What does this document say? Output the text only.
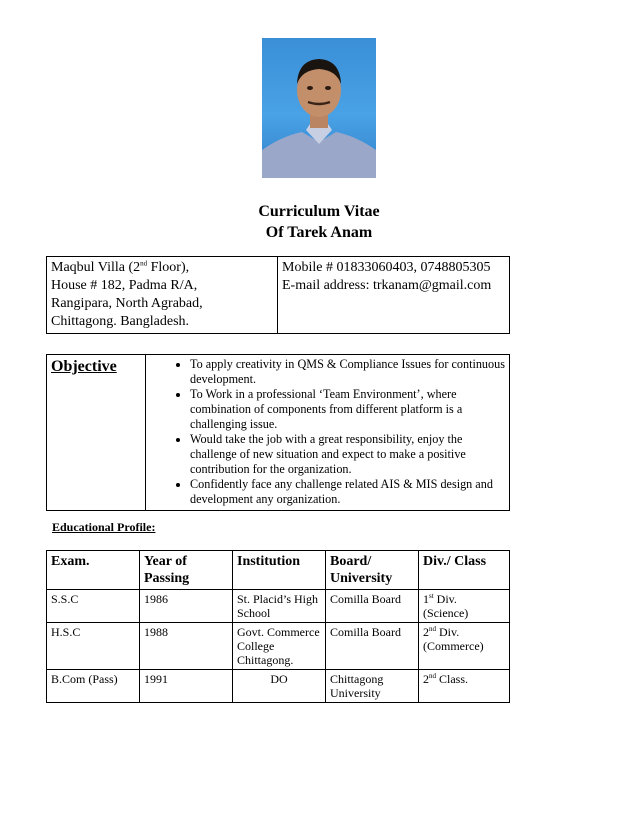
Curriculum Vitae
Of Tarek Anam
Maqbul Villa (2nd Floor),
House # 182, Padma R/A,
Rangipara, North Agrabad,
Chittagong. Bangladesh.	Mobile # 01833060403, 0748805305
E-mail address: trkanam@gmail.com
Objective	
•To apply creativity in QMS & Compliance Issues for continuous development.
• To Work in a professional ‘Team Environment’, where combination of components from different platform is a challenging issue.
• Would take the job with a great responsibility, enjoy the challenge of new situation and expect to make a positive contribution for the organization.
• Confidently face any challenge related AIS & MIS design and development any organization.
Educational Profile:
Exam.	Year of Passing	Institution	Board/ University	Div./ Class
S.S.C	1986	St. Placid’s High School	Comilla Board	1st Div. (Science)
H.S.C	1988	Govt. Commerce College Chittagong.	Comilla Board	2nd Div. (Commerce)
B.Com (Pass)	1991	DO	Chittagong University	2nd Class.
